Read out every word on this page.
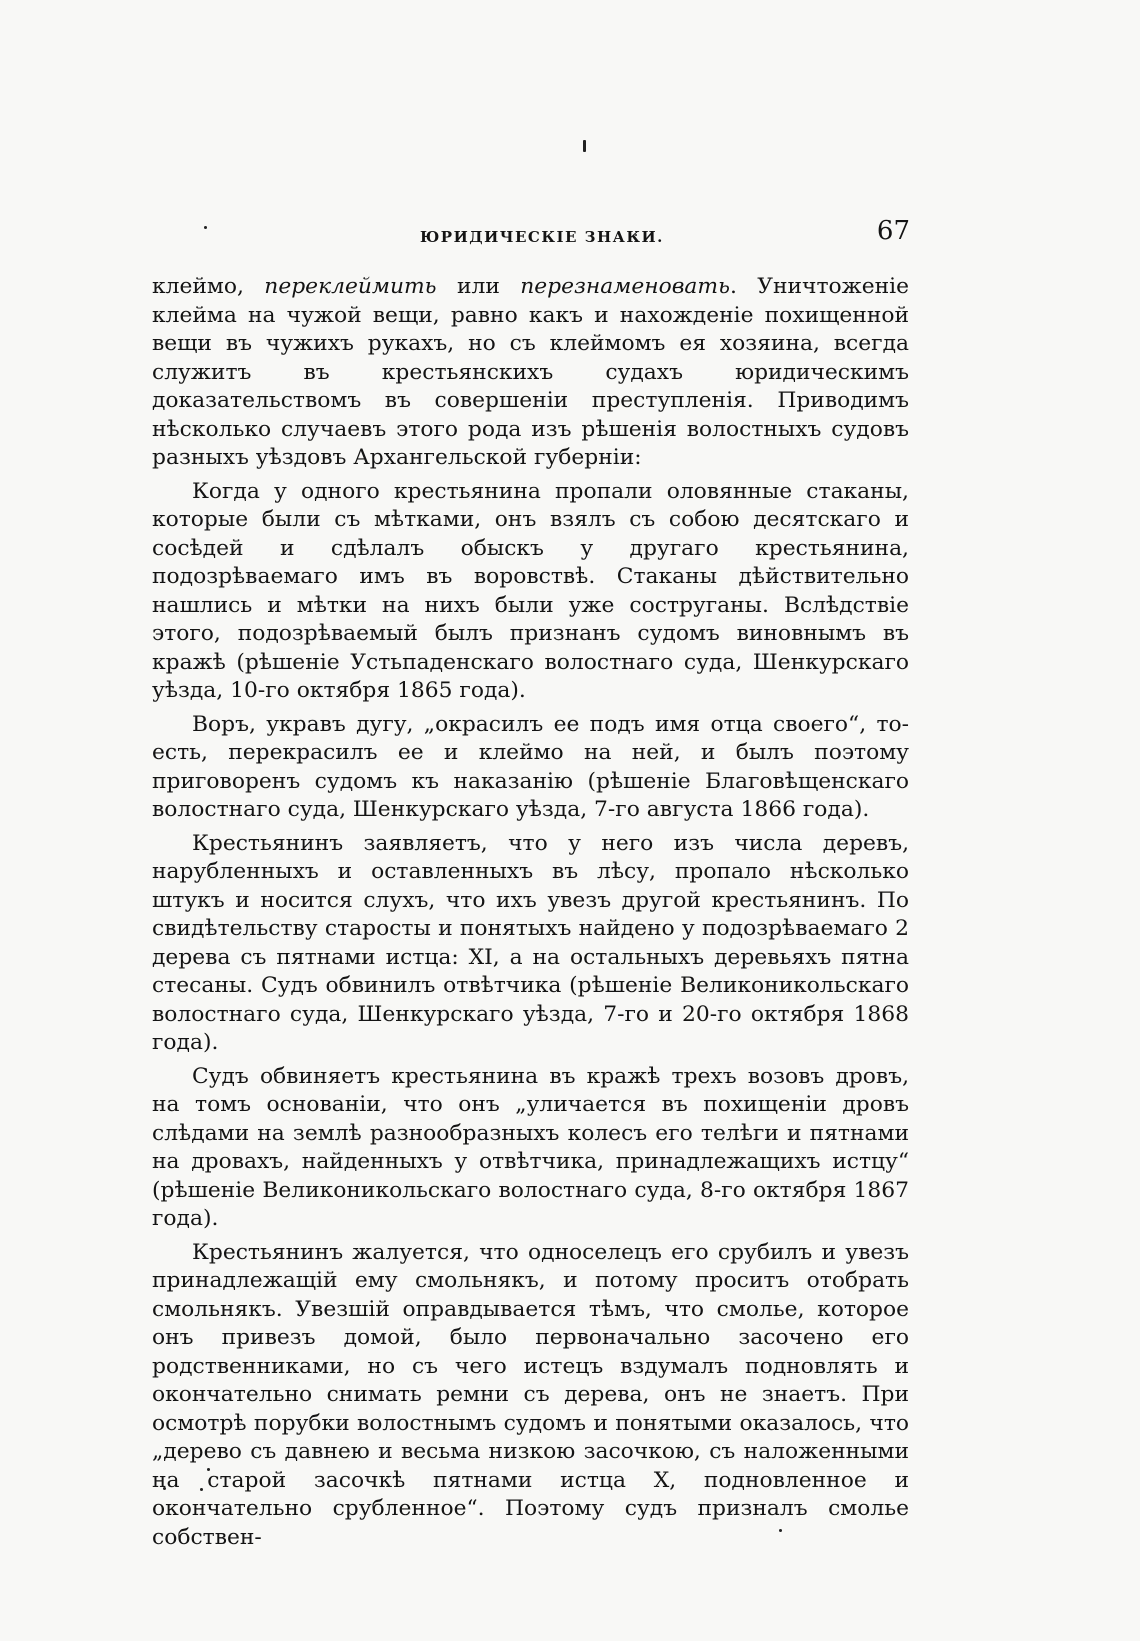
ЮРИДИЧЕСКІЕ ЗНАКИ.	67

клеймо, переклеймить или перезнаменовать. Уничтоженіе клейма на чужой вещи, равно какъ и нахожденіе похищенной вещи въ чужихъ рукахъ, но съ клеймомъ ея хозяина, всегда служитъ въ крестьянскихъ судахъ юридическимъ доказательствомъ въ совершеніи преступленія. Приводимъ нѣсколько случаевъ этого рода изъ рѣшенія волостныхъ судовъ разныхъ уѣздовъ Архангельской губерніи:

Когда у одного крестьянина пропали оловянные стаканы, которые были съ мѣтками, онъ взялъ съ собою десятскаго и сосѣдей и сдѣлалъ обыскъ у другаго крестьянина, подозрѣваемаго имъ въ воровствѣ. Стаканы дѣйствительно нашлись и мѣтки на нихъ были уже соструганы. Вслѣдствіе этого, подозрѣваемый былъ признанъ судомъ виновнымъ въ кражѣ (рѣшеніе Устьпаденскаго волостнаго суда, Шенкурскаго уѣзда, 10-го октября 1865 года).

Воръ, укравъ дугу, „окрасилъ ее подъ имя отца своего“, то-есть, перекрасилъ ее и клеймо на ней, и былъ поэтому приговоренъ судомъ къ наказанію (рѣшеніе Благовѣщенскаго волостнаго суда, Шенкурскаго уѣзда, 7-го августа 1866 года).

Крестьянинъ заявляетъ, что у него изъ числа деревъ, нарубленныхъ и оставленныхъ въ лѣсу, пропало нѣсколько штукъ и носится слухъ, что ихъ увезъ другой крестьянинъ. По свидѣтельству старосты и понятыхъ найдено у подозрѣваемаго 2 дерева съ пятнами истца: XI, а на остальныхъ деревьяхъ пятна стесаны. Судъ обвинилъ отвѣтчика (рѣшеніе Великоникольскаго волостнаго суда, Шенкурскаго уѣзда, 7-го и 20-го октября 1868 года).

Судъ обвиняетъ крестьянина въ кражѣ трехъ возовъ дровъ, на томъ основаніи, что онъ „уличается въ похищеніи дровъ слѣдами на землѣ разнообразныхъ колесъ его телѣги и пятнами на дровахъ, найденныхъ у отвѣтчика, принадлежащихъ истцу“ (рѣшеніе Великоникольскаго волостнаго суда, 8-го октября 1867 года).

Крестьянинъ жалуется, что односелецъ его срубилъ и увезъ принадлежащій ему смольнякъ, и потому проситъ отобрать смольнякъ. Увезшій оправдывается тѣмъ, что смолье, которое онъ привезъ домой, было первоначально засочено его родственниками, но съ чего истецъ вздумалъ подновлять и окончательно снимать ремни съ дерева, онъ не знаетъ. При осмотрѣ порубки волостнымъ судомъ и понятыми оказалось, что „дерево съ давнею и весьма низкою засочкою, съ наложенными на старой засочкѣ пятнами истца X, подновленное и окончательно срубленное“. Поэтому судъ призналъ смолье собствен-
